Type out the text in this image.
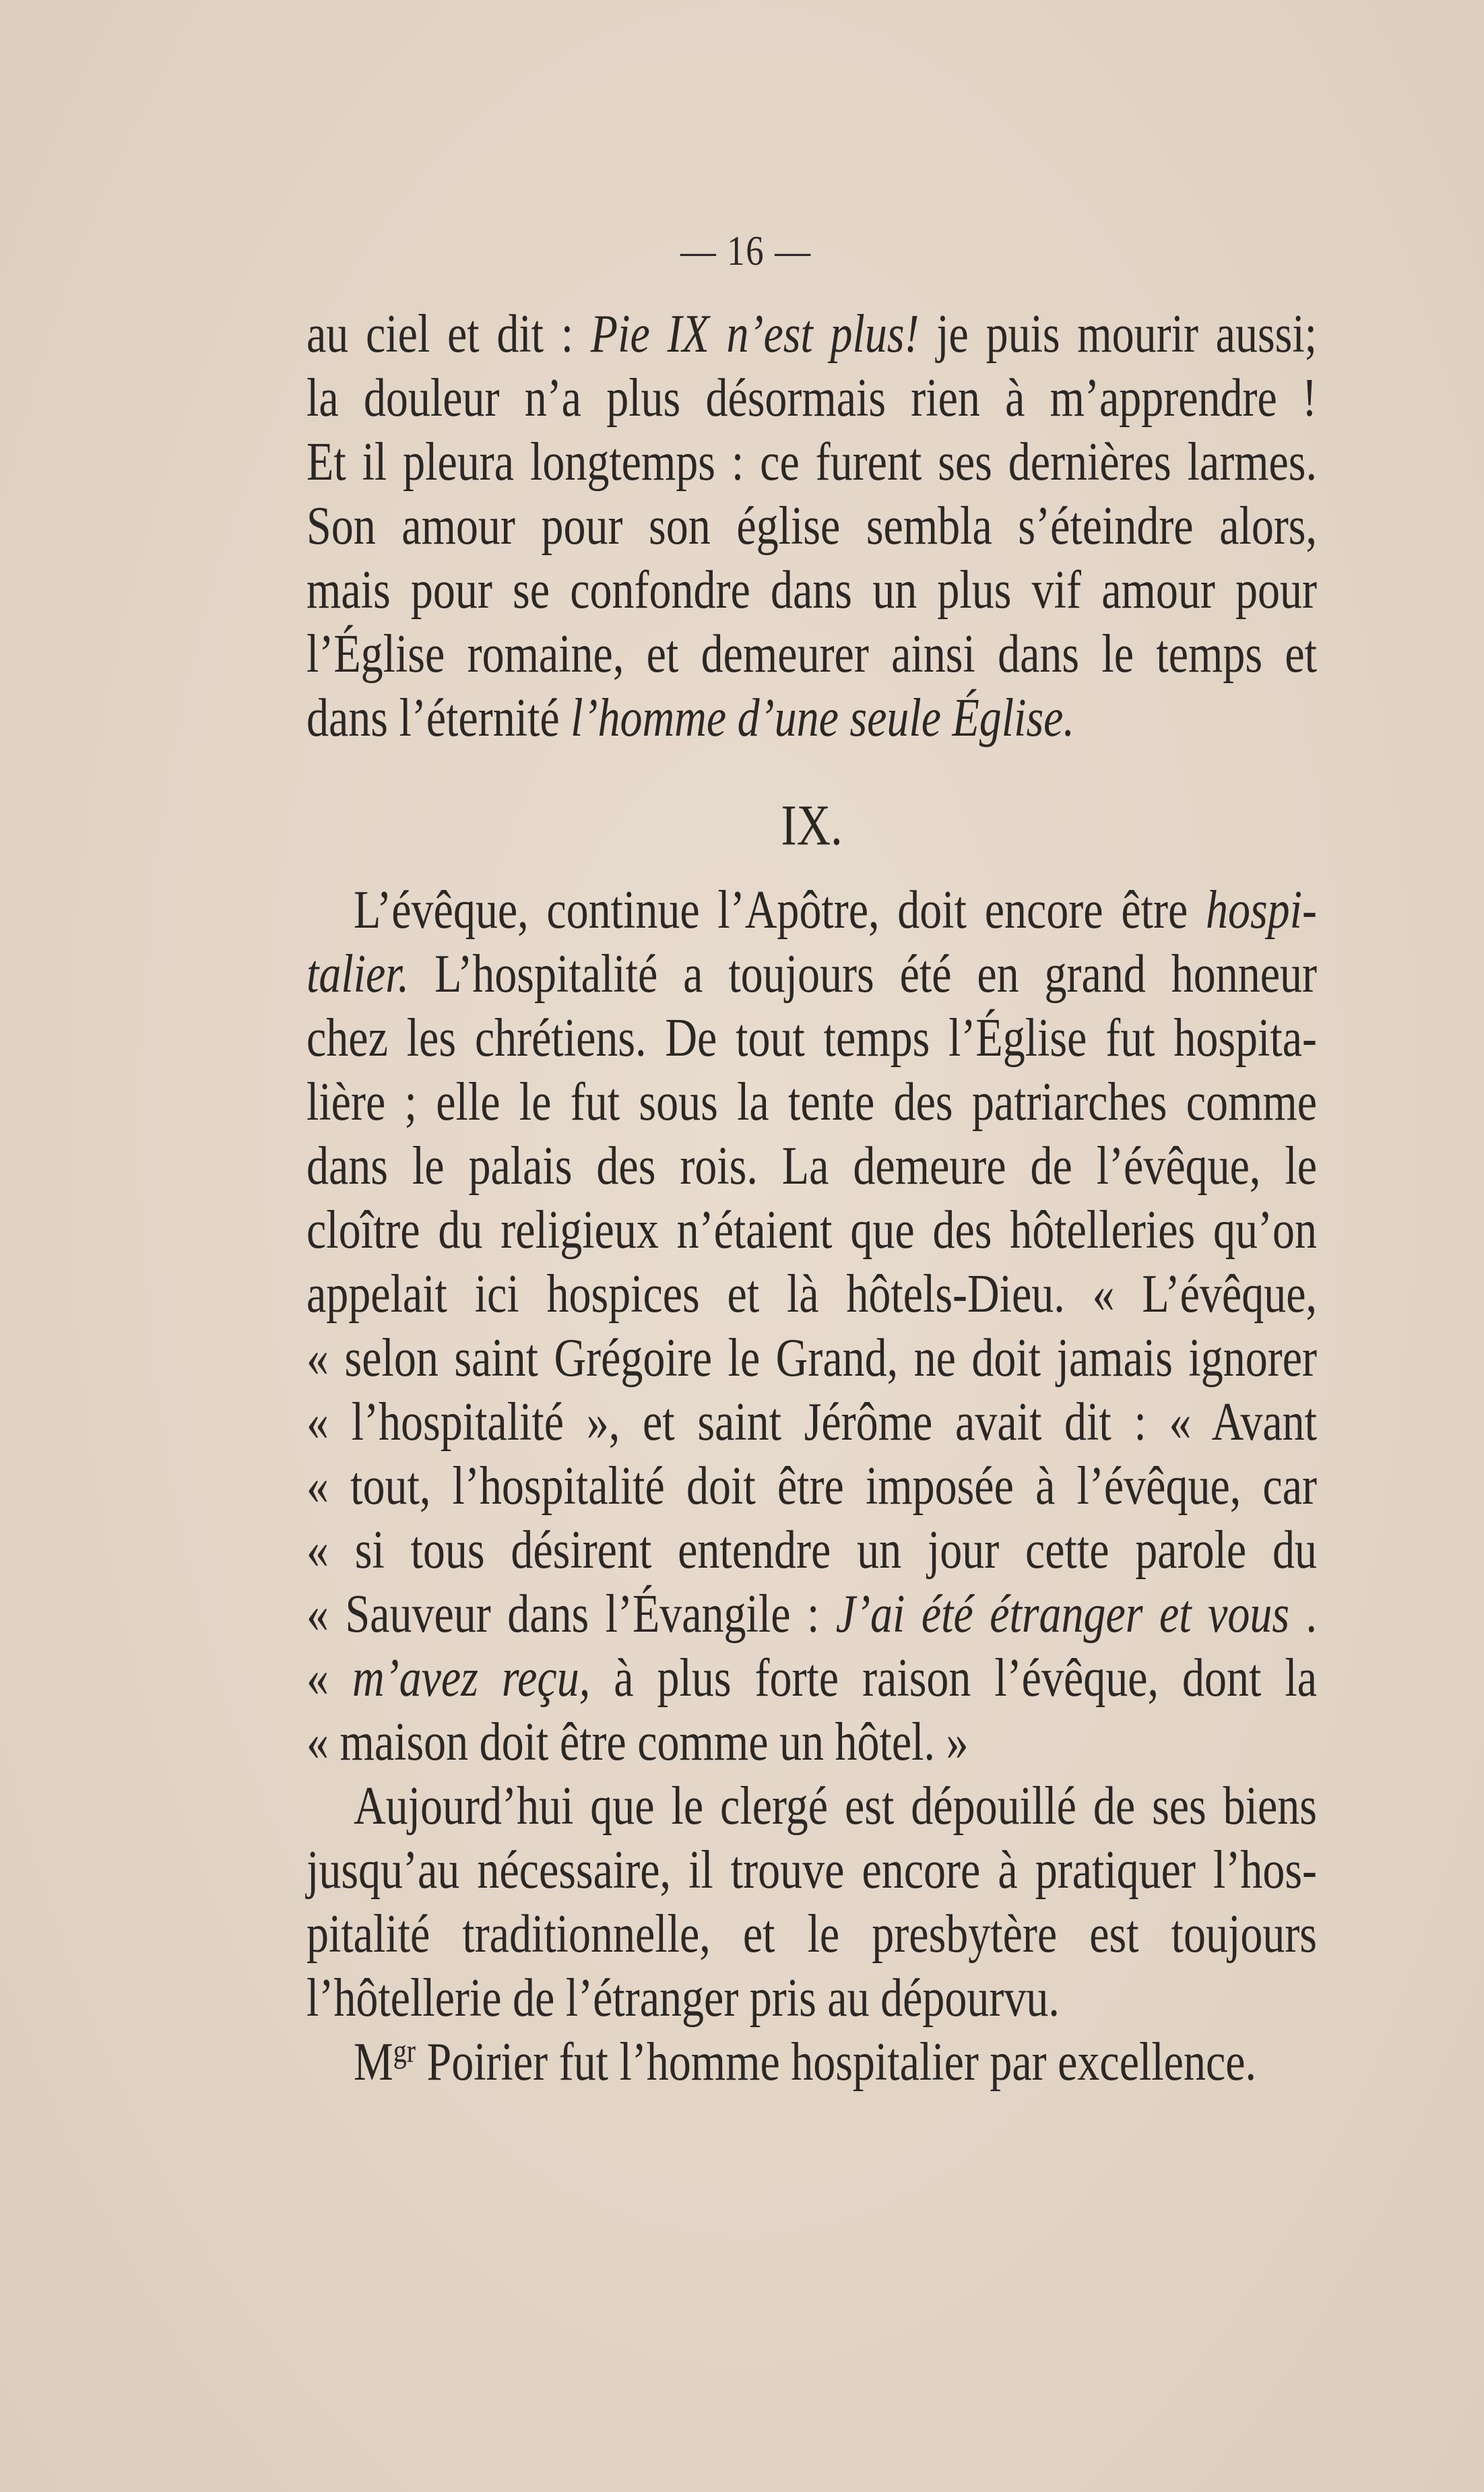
— 16 —
au ciel et dit : Pie IX n’est plus! je puis mourir aussi;
la douleur n’a plus désormais rien à m’apprendre !
Et il pleura longtemps : ce furent ses dernières larmes.
Son amour pour son église sembla s’éteindre alors,
mais pour se confondre dans un plus vif amour pour
l’Église romaine, et demeurer ainsi dans le temps et
dans l’éternité l’homme d’une seule Église.
IX.
L’évêque, continue l’Apôtre, doit encore être hospi-
talier. L’hospitalité a toujours été en grand honneur
chez les chrétiens. De tout temps l’Église fut hospita-
lière ; elle le fut sous la tente des patriarches comme
dans le palais des rois. La demeure de l’évêque, le
cloître du religieux n’étaient que des hôtelleries qu’on
appelait ici hospices et là hôtels-Dieu. « L’évêque,
« selon saint Grégoire le Grand, ne doit jamais ignorer
« l’hospitalité », et saint Jérôme avait dit : « Avant
« tout, l’hospitalité doit être imposée à l’évêque, car
« si tous désirent entendre un jour cette parole du
« Sauveur dans l’Évangile : J’ai été étranger et vous .
« m’avez reçu, à plus forte raison l’évêque, dont la
« maison doit être comme un hôtel. »
Aujourd’hui que le clergé est dépouillé de ses biens
jusqu’au nécessaire, il trouve encore à pratiquer l’hos-
pitalité traditionnelle, et le presbytère est toujours
l’hôtellerie de l’étranger pris au dépourvu.
$M^{gr}$ Poirier fut l’homme hospitalier par excellence.
